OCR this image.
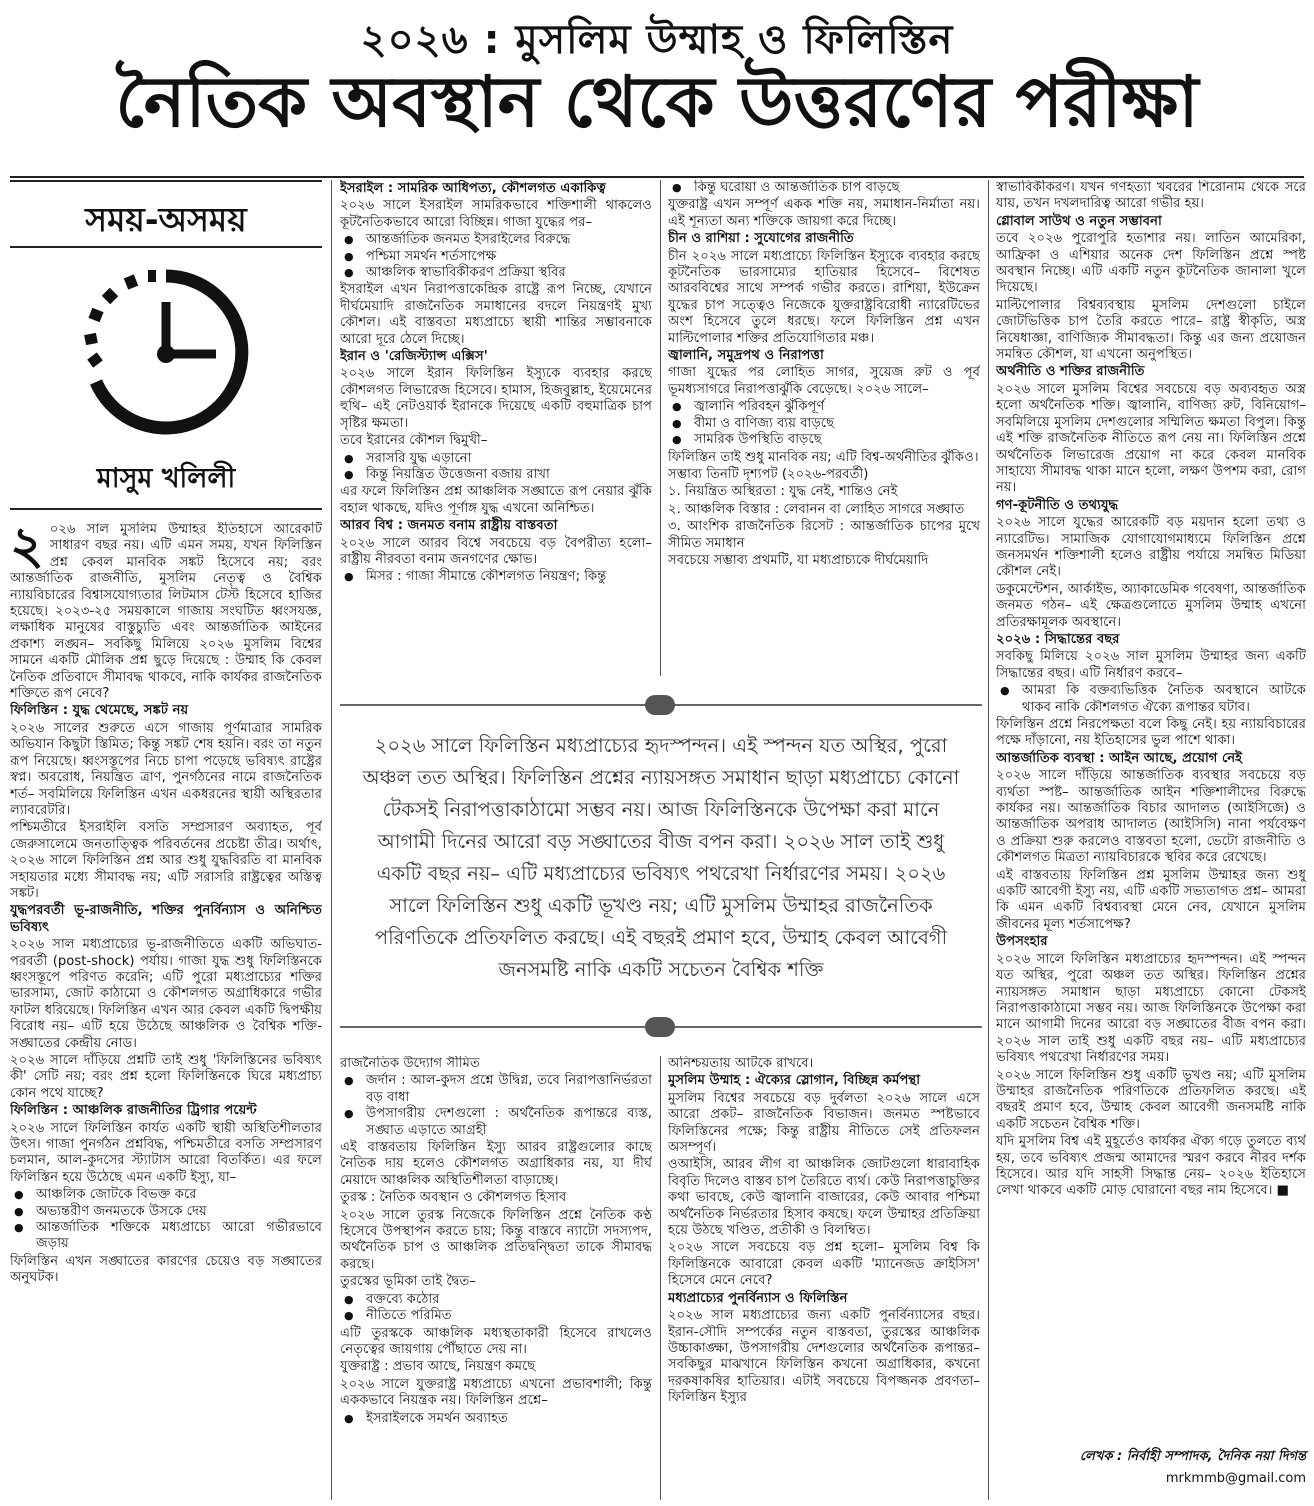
২০২৬ : মুসলিম উম্মাহ ও ফিলিস্তিন
নৈতিক অবস্থান থেকে উত্তরণের পরীক্ষা
সময়-অসময়
মাসুম খলিলী

২ ০২৬ সাল মুসলিম উম্মাহর ইতিহাসে আরেকটি সাধারণ বছর নয়। এটি এমন সময়, যখন ফিলিস্তিন প্রশ্ন কেবল মানবিক সঙ্কট হিসেবে নয়; বরং আন্তর্জাতিক রাজনীতি, মুসলিম নেতৃত্ব ও বৈশ্বিক ন্যায়বিচারের বিশ্বাসযোগ্যতার লিটমাস টেস্ট হিসেবে হাজির হয়েছে। ২০২৩-২৫ সময়কালে গাজায় সংঘটিত ধ্বংসযজ্ঞ, লক্ষাধিক মানুষের বাস্তুচ্যুতি এবং আন্তর্জাতিক আইনের প্রকাশ্য লঙ্ঘন– সবকিছু মিলিয়ে ২০২৬ মুসলিম বিশ্বের সামনে একটি মৌলিক প্রশ্ন ছুড়ে দিয়েছে : উম্মাহ কি কেবল নৈতিক প্রতিবাদে সীমাবদ্ধ থাকবে, নাকি কার্যকর রাজনৈতিক শক্তিতে রূপ নেবে?

ফিলিস্তিন : যুদ্ধ থেমেছে, সঙ্কট নয়

২০২৬ সালের শুরুতে এসে গাজায় পূর্ণমাত্রার সামরিক অভিযান কিছুটা স্তিমিত; কিন্তু সঙ্কট শেষ হয়নি। বরং তা নতুন রূপ নিয়েছে। ধ্বংসস্তূপের নিচে চাপা পড়েছে ভবিষ্যৎ রাষ্ট্রের স্বপ্ন। অবরোধ, নিয়ন্ত্রিত ত্রাণ, পুনর্গঠনের নামে রাজনৈতিক শর্ত– সবমিলিয়ে ফিলিস্তিন এখন একধরনের স্থায়ী অস্থিরতার ল্যাবরেটরি।

পশ্চিমতীরে ইসরাইলি বসতি সম্প্রসারণ অব্যাহত, পূর্ব জেরুসালেমে জনতাত্ত্বিক পরিবর্তনের প্রচেষ্টা তীব্র। অর্থাৎ, ২০২৬ সালে ফিলিস্তিন প্রশ্ন আর শুধু যুদ্ধবিরতি বা মানবিক সহায়তার মধ্যে সীমাবদ্ধ নয়; এটি সরাসরি রাষ্ট্রত্বের অস্তিত্ব সঙ্কট।

যুদ্ধপরবর্তী ভূ-রাজনীতি, শক্তির পুনর্বিন্যাস ও অনিশ্চিত ভবিষ্যৎ

২০২৬ সাল মধ্যপ্রাচ্যের ভূ-রাজনীতিতে একটি অভিঘাত-পরবর্তী (post-shock) পর্যায়। গাজা যুদ্ধ শুধু ফিলিস্তিনকে ধ্বংসস্তূপে পরিণত করেনি; এটি পুরো মধ্যপ্রাচ্যের শক্তির ভারসাম্য, জোট কাঠামো ও কৌশলগত অগ্রাধিকারে গভীর ফাটল ধরিয়েছে। ফিলিস্তিন এখন আর কেবল একটি দ্বিপক্ষীয় বিরোধ নয়– এটি হয়ে উঠেছে আঞ্চলিক ও বৈশ্বিক শক্তি-সঙ্ঘাতের কেন্দ্রীয় নোড।

২০২৬ সালে দাঁড়িয়ে প্রশ্নটি তাই শুধু 'ফিলিস্তিনের ভবিষ্যৎ কী' সেটি নয়; বরং প্রশ্ন হলো ফিলিস্তিনকে ঘিরে মধ্যপ্রাচ্য কোন পথে যাচ্ছে?

ফিলিস্তিন : আঞ্চলিক রাজনীতির ট্রিগার পয়েন্ট

২০২৬ সালে ফিলিস্তিন কার্যত একটি স্থায়ী অস্থিতিশীলতার উৎস। গাজা পুনর্গঠন প্রশ্নবিদ্ধ, পশ্চিমতীরে বসতি সম্প্রসারণ চলমান, আল-কুদসের স্ট্যাটাস আরো বিতর্কিত। এর ফলে ফিলিস্তিন হয়ে উঠেছে এমন একটি ইস্যু, যা–

● আঞ্চলিক জোটকে বিভক্ত করে
● অভ্যন্তরীণ জনমতকে উসকে দেয়
● আন্তর্জাতিক শক্তিকে মধ্যপ্রাচ্যে আরো গভীরভাবে জড়ায়

ফিলিস্তিন এখন সঙ্ঘাতের কারণের চেয়েও বড় সঙ্ঘাতের অনুঘটক।

ইসরাইল : সামরিক আধিপত্য, কৌশলগত একাকিত্ব

২০২৬ সালে ইসরাইল সামরিকভাবে শক্তিশালী থাকলেও কূটনৈতিকভাবে আরো বিচ্ছিন্ন। গাজা যুদ্ধের পর–

● আন্তর্জাতিক জনমত ইসরাইলের বিরুদ্ধে
● পশ্চিমা সমর্থন শর্তসাপেক্ষ
● আঞ্চলিক স্বাভাবিকীকরণ প্রক্রিয়া স্থবির

ইসরাইল এখন নিরাপত্তাকেন্দ্রিক রাষ্ট্রে রূপ নিচ্ছে, যেখানে দীর্ঘমেয়াদি রাজনৈতিক সমাধানের বদলে নিয়ন্ত্রণই মুখ্য কৌশল। এই বাস্তবতা মধ্যপ্রাচ্যে স্থায়ী শান্তির সম্ভাবনাকে আরো দূরে ঠেলে দিচ্ছে।

ইরান ও 'রেজিস্ট্যান্স এক্সিস'

২০২৬ সালে ইরান ফিলিস্তিন ইস্যুকে ব্যবহার করছে কৌশলগত লিভারেজ হিসেবে। হামাস, হিজবুল্লাহ, ইয়েমেনের হুথি– এই নেটওয়ার্ক ইরানকে দিয়েছে একটি বহুমাত্রিক চাপ সৃষ্টির ক্ষমতা।

তবে ইরানের কৌশল দ্বিমুখী–

● সরাসরি যুদ্ধ এড়ানো
● কিন্তু নিয়ন্ত্রিত উত্তেজনা বজায় রাখা

এর ফলে ফিলিস্তিন প্রশ্ন আঞ্চলিক সঙ্ঘাতে রূপ নেয়ার ঝুঁকি বহাল থাকছে, যদিও পূর্ণাঙ্গ যুদ্ধ এখনো অনিশ্চিত।

আরব বিশ্ব : জনমত বনাম রাষ্ট্রীয় বাস্তবতা

২০২৬ সালে আরব বিশ্বে সবচেয়ে বড় বৈপরীত্য হলো– রাষ্ট্রীয় নীরবতা বনাম জনগণের ক্ষোভ।

● মিসর : গাজা সীমান্তে কৌশলগত নিয়ন্ত্রণ; কিন্তু
● কিন্তু ঘরোয়া ও আন্তর্জাতিক চাপ বাড়ছে

যুক্তরাষ্ট্র এখন সম্পূর্ণ একক শক্তি নয়, সমাধান-নির্মাতা নয়। এই শূন্যতা অন্য শক্তিকে জায়গা করে দিচ্ছে।

চীন ও রাশিয়া : সুযোগের রাজনীতি

চীন ২০২৬ সালে মধ্যপ্রাচ্যে ফিলিস্তিন ইস্যুকে ব্যবহার করছে কূটনৈতিক ভারসাম্যের হাতিয়ার হিসেবে– বিশেষত আরববিশ্বের সাথে সম্পর্ক গভীর করতে। রাশিয়া, ইউক্রেন যুদ্ধের চাপ সত্ত্বেও নিজেকে যুক্তরাষ্ট্রবিরোধী ন্যারেটিভের অংশ হিসেবে তুলে ধরছে। ফলে ফিলিস্তিন প্রশ্ন এখন মাল্টিপোলার শক্তির প্রতিযোগিতার মঞ্চ।

জ্বালানি, সমুদ্রপথ ও নিরাপত্তা

গাজা যুদ্ধের পর লোহিত সাগর, সুয়েজ রুট ও পূর্ব ভূমধ্যসাগরে নিরাপত্তাঝুঁকি বেড়েছে। ২০২৬ সালে–

● জ্বালানি পরিবহন ঝুঁকিপূর্ণ
● বীমা ও বাণিজ্য ব্যয় বাড়ছে
● সামরিক উপস্থিতি বাড়ছে

ফিলিস্তিন তাই শুধু মানবিক নয়; এটি বিশ্ব-অর্থনীতির ঝুঁকিও।

সম্ভাব্য তিনটি দৃশ্যপট (২০২৬-পরবর্তী)

১. নিয়ন্ত্রিত অস্থিরতা : যুদ্ধ নেই, শান্তিও নেই

২. আঞ্চলিক বিস্তার : লেবানন বা লোহিত সাগরে সঙ্ঘাত

৩. আংশিক রাজনৈতিক রিসেট : আন্তর্জাতিক চাপের মুখে সীমিত সমাধান

সবচেয়ে সম্ভাব্য প্রথমটি, যা মধ্যপ্রাচ্যকে দীর্ঘমেয়াদি

২০২৬ সালে ফিলিস্তিন মধ্যপ্রাচ্যের হৃদস্পন্দন। এই স্পন্দন যত অস্থির, পুরো অঞ্চল তত অস্থির। ফিলিস্তিন প্রশ্নের ন্যায়সঙ্গত সমাধান ছাড়া মধ্যপ্রাচ্যে কোনো টেকসই নিরাপত্তাকাঠামো সম্ভব নয়। আজ ফিলিস্তিনকে উপেক্ষা করা মানে আগামী দিনের আরো বড় সঙ্ঘাতের বীজ বপন করা। ২০২৬ সাল তাই শুধু একটি বছর নয়– এটি মধ্যপ্রাচ্যের ভবিষ্যৎ পথরেখা নির্ধারণের সময়। ২০২৬ সালে ফিলিস্তিন শুধু একটি ভূখণ্ড নয়; এটি মুসলিম উম্মাহর রাজনৈতিক পরিণতিকে প্রতিফলিত করছে। এই বছরই প্রমাণ হবে, উম্মাহ কেবল আবেগী জনসমষ্টি নাকি একটি সচেতন বৈশ্বিক শক্তি

রাজনৈতিক উদ্যোগ সীমিত

● জর্দান : আল-কুদস প্রশ্নে উদ্বিগ্ন, তবে নিরাপত্তানির্ভরতা বড় বাধা
● উপসাগরীয় দেশগুলো : অর্থনৈতিক রূপান্তরে ব্যস্ত, সঙ্ঘাত এড়াতে আগ্রহী

এই বাস্তবতায় ফিলিস্তিন ইস্যু আরব রাষ্ট্রগুলোর কাছে নৈতিক দায় হলেও কৌশলগত অগ্রাধিকার নয়, যা দীর্ঘ মেয়াদে আঞ্চলিক অস্থিতিশীলতা বাড়াচ্ছে।

তুরস্ক : নৈতিক অবস্থান ও কৌশলগত হিসাব

২০২৬ সালে তুরস্ক নিজেকে ফিলিস্তিন প্রশ্নে নৈতিক কণ্ঠ হিসেবে উপস্থাপন করতে চায়; কিন্তু বাস্তবে ন্যাটো সদস্যপদ, অর্থনৈতিক চাপ ও আঞ্চলিক প্রতিদ্বন্দ্বিতা তাকে সীমাবদ্ধ করছে।

তুরস্কের ভূমিকা তাই দ্বৈত–

● বক্তব্যে কঠোর
● নীতিতে পরিমিত

এটি তুরস্ককে আঞ্চলিক মধ্যস্থতাকারী হিসেবে রাখলেও নেতৃত্বের জায়গায় পৌঁছাতে দেয় না।

যুক্তরাষ্ট্র : প্রভাব আছে, নিয়ন্ত্রণ কমছে

২০২৬ সালে যুক্তরাষ্ট্র মধ্যপ্রাচ্যে এখনো প্রভাবশালী; কিন্তু এককভাবে নিয়ন্ত্রক নয়। ফিলিস্তিন প্রশ্নে–

● ইসরাইলকে সমর্থন অব্যাহত

অনিশ্চয়তায় আটকে রাখবে।

মুসলিম উম্মাহ : ঐক্যের স্লোগান, বিচ্ছিন্ন কর্মপন্থা

মুসলিম বিশ্বের সবচেয়ে বড় দুর্বলতা ২০২৬ সালে এসে আরো প্রকট– রাজনৈতিক বিভাজন। জনমত স্পষ্টভাবে ফিলিস্তিনের পক্ষে; কিন্তু রাষ্ট্রীয় নীতিতে সেই প্রতিফলন অসম্পূর্ণ।

ওআইসি, আরব লীগ বা আঞ্চলিক জোটগুলো ধারাবাহিক বিবৃতি দিলেও বাস্তব চাপ তৈরিতে ব্যর্থ। কেউ নিরাপত্তাচুক্তির কথা ভাবছে, কেউ জ্বালানি বাজারের, কেউ আবার পশ্চিমা অর্থনৈতিক নির্ভরতার হিসাব কষছে। ফলে উম্মাহর প্রতিক্রিয়া হয়ে উঠছে খণ্ডিত, প্রতীকী ও বিলম্বিত।

২০২৬ সালে সবচেয়ে বড় প্রশ্ন হলো– মুসলিম বিশ্ব কি ফিলিস্তিনকে আবারো কেবল একটি 'ম্যানেজড ক্রাইসিস' হিসেবে মেনে নেবে?

মধ্যপ্রাচ্যের পুনর্বিন্যাস ও ফিলিস্তিন

২০২৬ সাল মধ্যপ্রাচ্যের জন্য একটি পুনর্বিন্যাসের বছর। ইরান-সৌদি সম্পর্কের নতুন বাস্তবতা, তুরস্কের আঞ্চলিক উচ্চাকাঙ্ক্ষা, উপসাগরীয় দেশগুলোর অর্থনৈতিক রূপান্তর– সবকিছুর মাঝখানে ফিলিস্তিন কখনো অগ্রাধিকার, কখনো দরকষাকষির হাতিয়ার। এটাই সবচেয়ে বিপজ্জনক প্রবণতা– ফিলিস্তিন ইস্যুর

স্বাভাবিকীকরণ। যখন গণহত্যা খবরের শিরোনাম থেকে সরে যায়, তখন দখলদারিত্ব আরো গভীর হয়।

গ্লোবাল সাউথ ও নতুন সম্ভাবনা

তবে ২০২৬ পুরোপুরি হতাশার নয়। লাতিন আমেরিকা, আফ্রিকা ও এশিয়ার অনেক দেশ ফিলিস্তিন প্রশ্নে স্পষ্ট অবস্থান নিচ্ছে। এটি একটি নতুন কূটনৈতিক জানালা খুলে দিয়েছে।

মাল্টিপোলার বিশ্বব্যবস্থায় মুসলিম দেশগুলো চাইলে জোটভিত্তিক চাপ তৈরি করতে পারে– রাষ্ট্র স্বীকৃতি, অস্ত্র নিষেধাজ্ঞা, বাণিজ্যিক সীমাবদ্ধতা। কিন্তু এর জন্য প্রয়োজন সমন্বিত কৌশল, যা এখনো অনুপস্থিত।

অর্থনীতি ও শক্তির রাজনীতি

২০২৬ সালে মুসলিম বিশ্বের সবচেয়ে বড় অব্যবহৃত অস্ত্র হলো অর্থনৈতিক শক্তি। জ্বালানি, বাণিজ্য রুট, বিনিয়োগ– সবমিলিয়ে মুসলিম দেশগুলোর সম্মিলিত ক্ষমতা বিপুল। কিন্তু এই শক্তি রাজনৈতিক নীতিতে রূপ নেয় না। ফিলিস্তিন প্রশ্নে অর্থনৈতিক লিভারেজ প্রয়োগ না করে কেবল মানবিক সাহায্যে সীমাবদ্ধ থাকা মানে হলো, লক্ষণ উপশম করা, রোগ নয়।

গণ-কূটনীতি ও তথ্যযুদ্ধ

২০২৬ সালে যুদ্ধের আরেকটি বড় ময়দান হলো তথ্য ও ন্যারেটিভ। সামাজিক যোগাযোগমাধ্যমে ফিলিস্তিন প্রশ্নে জনসমর্থন শক্তিশালী হলেও রাষ্ট্রীয় পর্যায়ে সমন্বিত মিডিয়া কৌশল নেই।

ডকুমেন্টেশন, আর্কাইভ, অ্যাকাডেমিক গবেষণা, আন্তর্জাতিক জনমত গঠন– এই ক্ষেত্রগুলোতে মুসলিম উম্মাহ এখনো প্রতিরক্ষামূলক অবস্থানে।

২০২৬ : সিদ্ধান্তের বছর

সবকিছু মিলিয়ে ২০২৬ সাল মুসলিম উম্মাহর জন্য একটি সিদ্ধান্তের বছর। এটি নির্ধারণ করবে–

● আমরা কি বক্তব্যভিত্তিক নৈতিক অবস্থানে আটকে থাকব নাকি কৌশলগত ঐক্যে রূপান্তর ঘটাব।

ফিলিস্তিন প্রশ্নে নিরপেক্ষতা বলে কিছু নেই। হয় ন্যায়বিচারের পক্ষে দাঁড়ানো, নয় ইতিহাসের ভুল পাশে থাকা।

আন্তর্জাতিক ব্যবস্থা : আইন আছে, প্রয়োগ নেই

২০২৬ সালে দাঁড়িয়ে আন্তর্জাতিক ব্যবস্থার সবচেয়ে বড় ব্যর্থতা স্পষ্ট– আন্তর্জাতিক আইন শক্তিশালীদের বিরুদ্ধে কার্যকর নয়। আন্তর্জাতিক বিচার আদালত (আইসিজে) ও আন্তর্জাতিক অপরাধ আদালত (আইসিসি) নানা পর্যবেক্ষণ ও প্রক্রিয়া শুরু করলেও বাস্তবতা হলো, ভেটো রাজনীতি ও কৌশলগত মিত্রতা ন্যায়বিচারকে স্থবির করে রেখেছে।

এই বাস্তবতায় ফিলিস্তিন প্রশ্ন মুসলিম উম্মাহর জন্য শুধু একটি আবেগী ইস্যু নয়, এটি একটি সভ্যতাগত প্রশ্ন– আমরা কি এমন একটি বিশ্বব্যবস্থা মেনে নেব, যেখানে মুসলিম জীবনের মূল্য শর্তসাপেক্ষ?

উপসংহার

২০২৬ সালে ফিলিস্তিন মধ্যপ্রাচ্যের হৃদস্পন্দন। এই স্পন্দন যত অস্থির, পুরো অঞ্চল তত অস্থির। ফিলিস্তিন প্রশ্নের ন্যায়সঙ্গত সমাধান ছাড়া মধ্যপ্রাচ্যে কোনো টেকসই নিরাপত্তাকাঠামো সম্ভব নয়। আজ ফিলিস্তিনকে উপেক্ষা করা মানে আগামী দিনের আরো বড় সঙ্ঘাতের বীজ বপন করা। ২০২৬ সাল তাই শুধু একটি বছর নয়– এটি মধ্যপ্রাচ্যের ভবিষ্যৎ পথরেখা নির্ধারণের সময়।

২০২৬ সালে ফিলিস্তিন শুধু একটি ভূখণ্ড নয়; এটি মুসলিম উম্মাহর রাজনৈতিক পরিণতিকে প্রতিফলিত করছে। এই বছরই প্রমাণ হবে, উম্মাহ কেবল আবেগী জনসমষ্টি নাকি একটি সচেতন বৈশ্বিক শক্তি।

যদি মুসলিম বিশ্ব এই মুহূর্তেও কার্যকর ঐক্য গড়ে তুলতে ব্যর্থ হয়, তবে ভবিষ্যৎ প্রজন্ম আমাদের স্মরণ করবে নীরব দর্শক হিসেবে। আর যদি সাহসী সিদ্ধান্ত নেয়– ২০২৬ ইতিহাসে লেখা থাকবে একটি মোড় ঘোরানো বছর নাম হিসেবে। ■

লেখক : নির্বাহী সম্পাদক, দৈনিক নয়া দিগন্ত
mrkmmb@gmail.com
